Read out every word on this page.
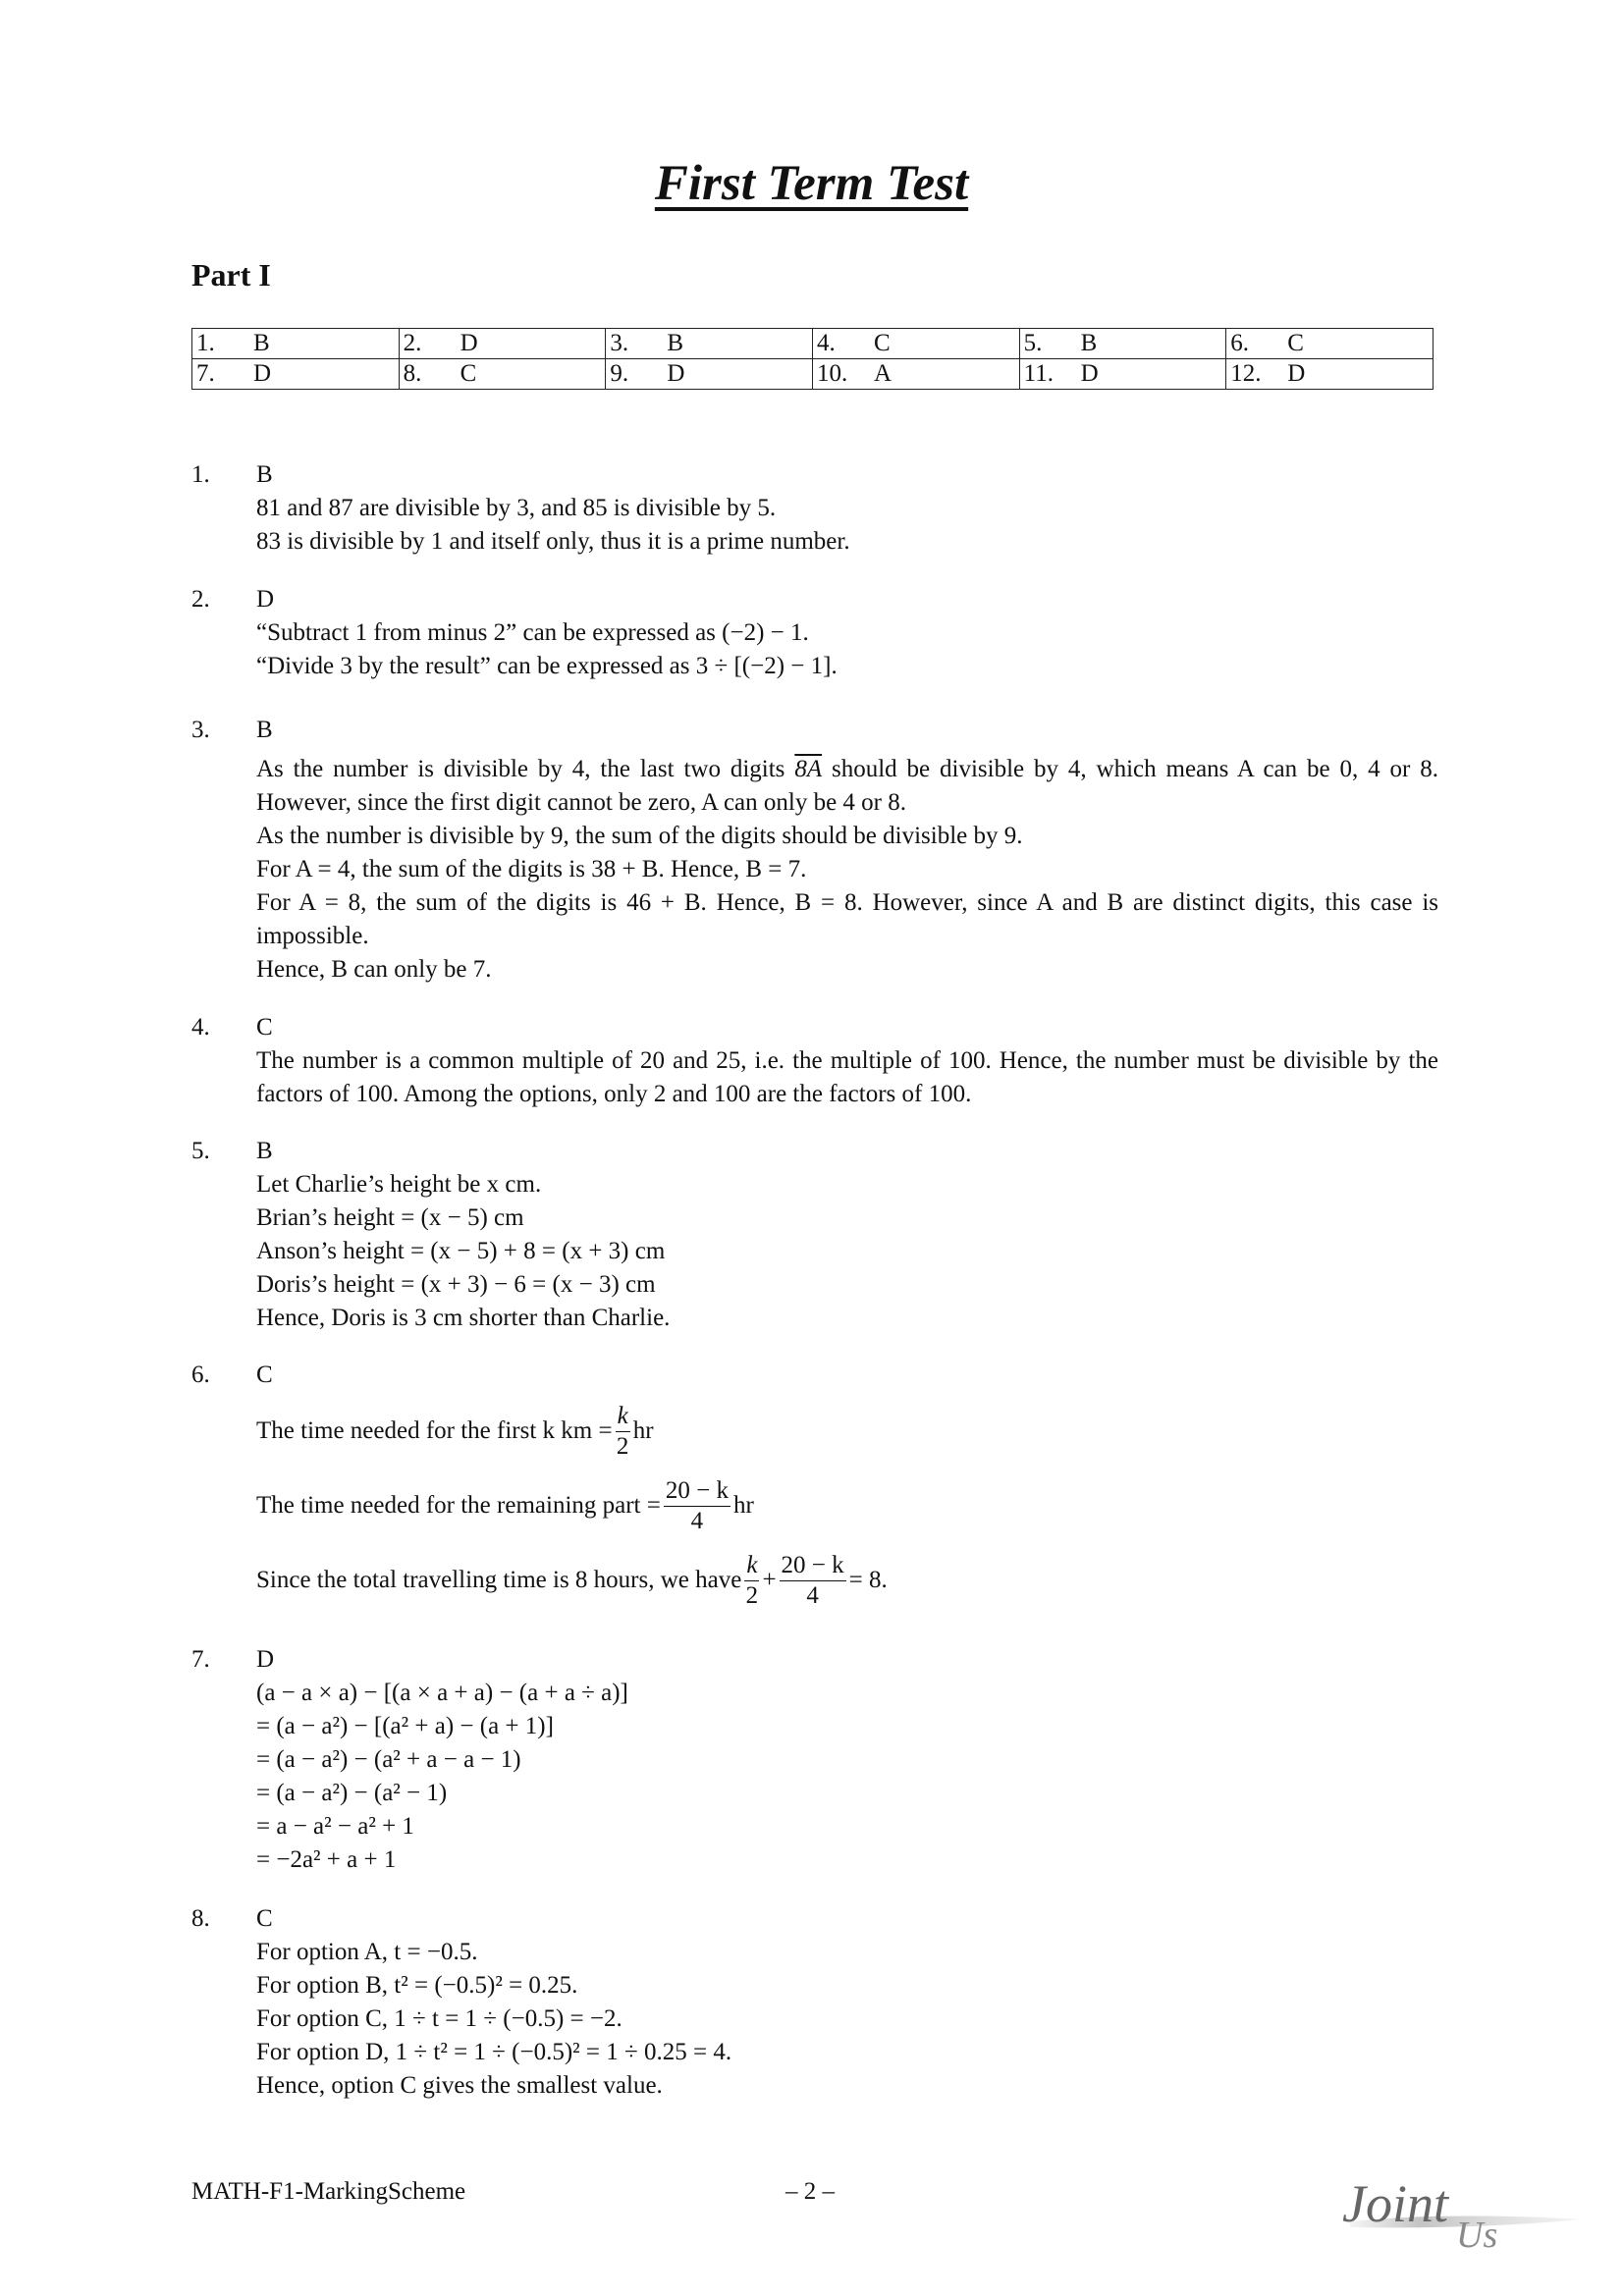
First Term Test
Part I
1. B	2. D	3. B	4. C	5. B	6. C
7. D	8. C	9. D	10. A	11. D	12. D
1. B
81 and 87 are divisible by 3, and 85 is divisible by 5.
83 is divisible by 1 and itself only, thus it is a prime number.
2. D
“Subtract 1 from minus 2” can be expressed as (−2) − 1.
“Divide 3 by the result” can be expressed as 3 ÷ [(−2) − 1].
3. B
As the number is divisible by 4, the last two digits 8A should be divisible by 4, which means A can be 0, 4 or 8. However, since the first digit cannot be zero, A can only be 4 or 8.
As the number is divisible by 9, the sum of the digits should be divisible by 9.
For A = 4, the sum of the digits is 38 + B. Hence, B = 7.
For A = 8, the sum of the digits is 46 + B. Hence, B = 8. However, since A and B are distinct digits, this case is impossible.
Hence, B can only be 7.
4. C
The number is a common multiple of 20 and 25, i.e. the multiple of 100. Hence, the number must be divisible by the factors of 100. Among the options, only 2 and 100 are the factors of 100.
5. B
Let Charlie’s height be x cm.
Brian’s height = (x − 5) cm
Anson’s height = (x − 5) + 8 = (x + 3) cm
Doris’s height = (x + 3) − 6 = (x − 3) cm
Hence, Doris is 3 cm shorter than Charlie.
6. C
The time needed for the first k km = $\frac{k}{2}$ hr
The time needed for the remaining part = $\frac{20 - k}{4}$ hr
Since the total travelling time is 8 hours, we have $\frac{k}{2} + \frac{20 - k}{4} = 8$.
7. D
(a − a × a) − [(a × a + a) − (a + a ÷ a)]
= (a − a²) − [(a² + a) − (a + 1)]
= (a − a²) − (a² + a − a − 1)
= (a − a²) − (a² − 1)
= a − a² − a² + 1
= −2a² + a + 1
8. C
For option A, t = −0.5.
For option B, t² = (−0.5)² = 0.25.
For option C, 1 ÷ t = 1 ÷ (−0.5) = −2.
For option D, 1 ÷ t² = 1 ÷ (−0.5)² = 1 ÷ 0.25 = 4.
Hence, option C gives the smallest value.
MATH-F1-MarkingScheme	– 2 –	Joint
Us
